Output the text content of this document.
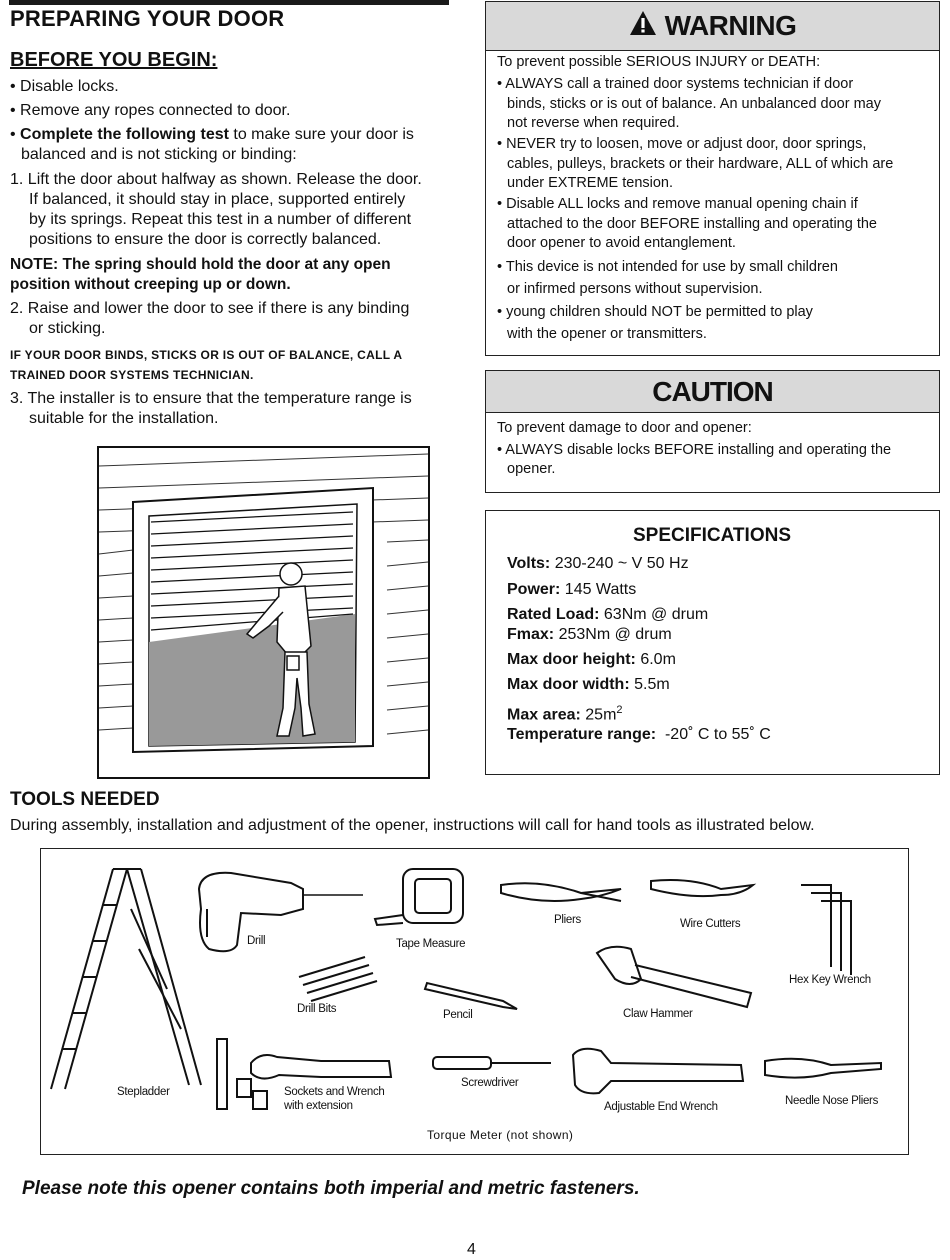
PREPARING YOUR DOOR
BEFORE YOU BEGIN:
• Disable locks.
• Remove any ropes connected to door.
• Complete the following test to make sure your door is
balanced and is not sticking or binding:
1. Lift the door about halfway as shown. Release the door.
If balanced, it should stay in place, supported entirely
by its springs. Repeat this test in a number of different
positions to ensure the door is correctly balanced.
NOTE: The spring should hold the door at any open
position without creeping up or down.
2. Raise and lower the door to see if there is any binding
or sticking.
IF YOUR DOOR BINDS, STICKS OR IS OUT OF BALANCE, CALL A
TRAINED DOOR SYSTEMS TECHNICIAN.
3. The installer is to ensure that the temperature range is
suitable for the installation.
WARNING
To prevent possible SERIOUS INJURY or DEATH:
• ALWAYS call a trained door systems technician if door
binds, sticks or is out of balance. An unbalanced door may
not reverse when required.
• NEVER try to loosen, move or adjust door, door springs,
cables, pulleys, brackets or their hardware, ALL of which are
under EXTREME tension.
• Disable ALL locks and remove manual opening chain if
attached to the door BEFORE installing and operating the
door opener to avoid entanglement.
• This device is not intended for use by small children
or infirmed persons without supervision.
• young children should NOT be permitted to play
with the opener or transmitters.
CAUTION
To prevent damage to door and opener:
• ALWAYS disable locks BEFORE installing and operating the
opener.
SPECIFICATIONS
Volts: 230-240 ~ V 50 Hz
Power: 145 Watts
Rated Load: 63Nm @ drum
Fmax: 253Nm @ drum
Max door height: 6.0m
Max door width: 5.5m
Max area: $25m^2$
Temperature range:  -20˚ C to 55˚ C
TOOLS NEEDED
During assembly, installation and adjustment of the opener, instructions will call for hand tools as illustrated below.
Drill	Tape Measure
Pliers	Wire Cutters
Hex Key Wrench
Drill Bits	Pencil	Claw Hammer
Stepladder	Sockets and Wrench
with extension
Screwdriver
Adjustable End Wrench	Needle Nose Pliers
Torque Meter (not shown)
Please note this opener contains both imperial and metric fasteners.
4
